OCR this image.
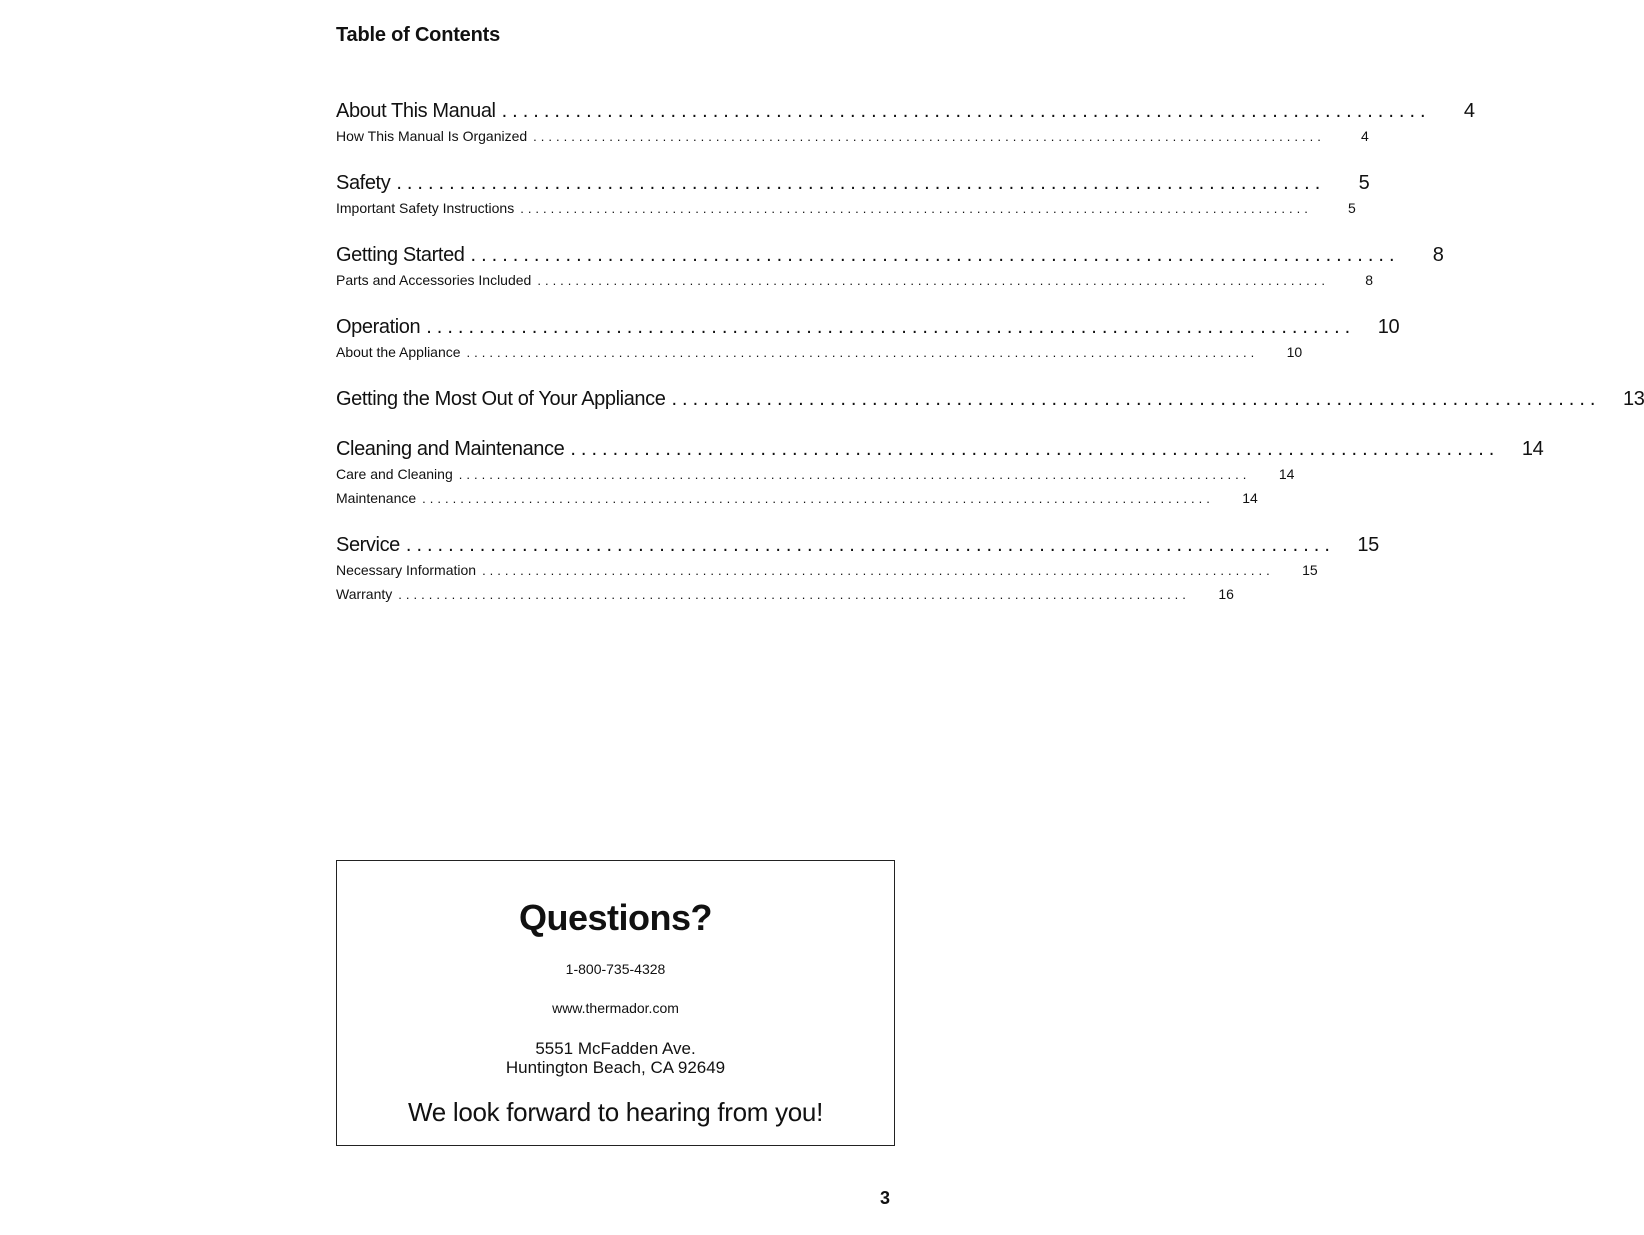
Table of Contents
About This Manual ........................................................................................	4
How This Manual Is Organized ........................................................................................................	4
Safety ........................................................................................	5
Important Safety Instructions ........................................................................................................	5
Getting Started ........................................................................................	8
Parts and Accessories Included ........................................................................................................	8
Operation ........................................................................................	10
About the Appliance ........................................................................................................	10
Getting the Most Out of Your Appliance ........................................................................................	13
Cleaning and Maintenance ........................................................................................	14
Care and Cleaning ........................................................................................................	14
Maintenance ........................................................................................................	14
Service ........................................................................................	15
Necessary Information ........................................................................................................	15
Warranty ........................................................................................................	16
Questions?
1-800-735-4328
www.thermador.com
5551 McFadden Ave.
Huntington Beach, CA 92649
We look forward to hearing from you!
3
